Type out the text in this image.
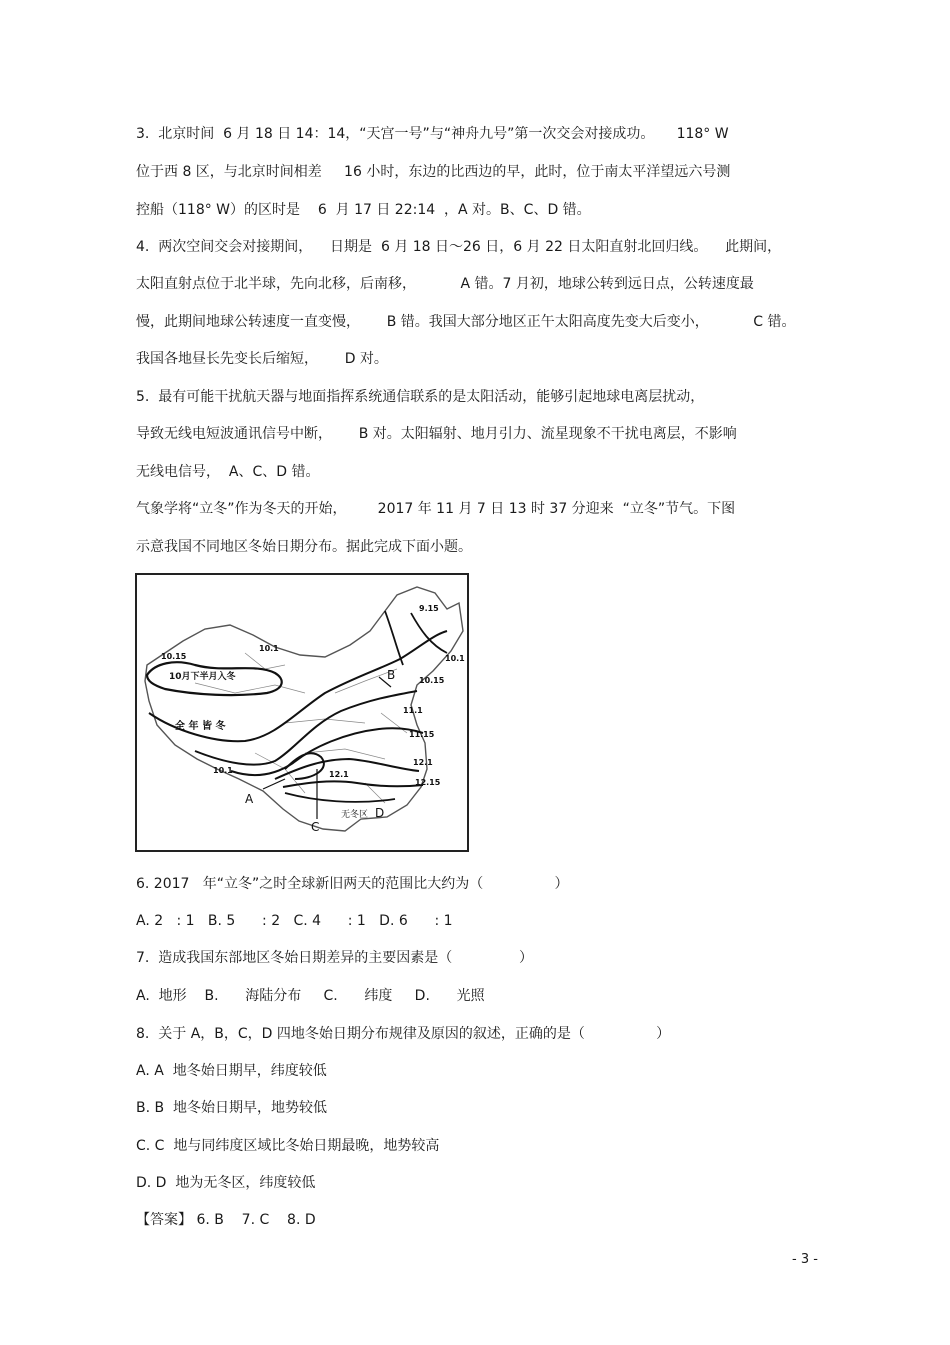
3.  北京时间  6 月 18 日 14：14，“天宫一号”与“神舟九号”第一次交会对接成功。     118° W
位于西 8 区，与北京时间相差     16 小时，东边的比西边的早，此时，位于南太平洋望远六号测
控船（118° W）的区时是    6  月 17 日 22:14  ，A 对。B、C、D 错。
4.  两次空间交会对接期间，    日期是  6 月 18 日～26 日，6 月 22 日太阳直射北回归线。    此期间，
太阳直射点位于北半球，先向北移，后南移，          A 错。7 月初，地球公转到远日点，公转速度最
慢，此期间地球公转速度一直变慢，      B 错。我国大部分地区正午太阳高度先变大后变小，          C 错。
我国各地昼长先变长后缩短，      D 对。
5.  最有可能干扰航天器与地面指挥系统通信联系的是太阳活动，能够引起地球电离层扰动，
导致无线电短波通讯信号中断，      B 对。太阳辐射、地月引力、流星现象不干扰电离层，不影响
无线电信号，  A、C、D 错。
气象学将“立冬”作为冬天的开始，       2017 年 11 月 7 日 13 时 37 分迎来  “立冬”节气。下图
示意我国不同地区冬始日期分布。据此完成下面小题。
9.15
10.1
10.15	10.1
10月下半月入冬	10.15
B
11.1
全 年 皆 冬
11.15
10.1	12.1
12.1
12.15
A
C
无冬区 D
6. 2017   年“立冬”之时全球新旧两天的范围比大约为（                ）
A. 2   : 1   B. 5      : 2   C. 4      : 1   D. 6      : 1
7.  造成我国东部地区冬始日期差异的主要因素是（               ）
A.  地形    B.      海陆分布     C.      纬度     D.      光照
8.  关于 A，B，C，D 四地冬始日期分布规律及原因的叙述，正确的是（                ）
A. A  地冬始日期早，纬度较低
B. B  地冬始日期早，地势较低
C. C  地与同纬度区域比冬始日期最晚，地势较高
D. D  地为无冬区，纬度较低
【答案】 6. B    7. C    8. D
- 3 -
